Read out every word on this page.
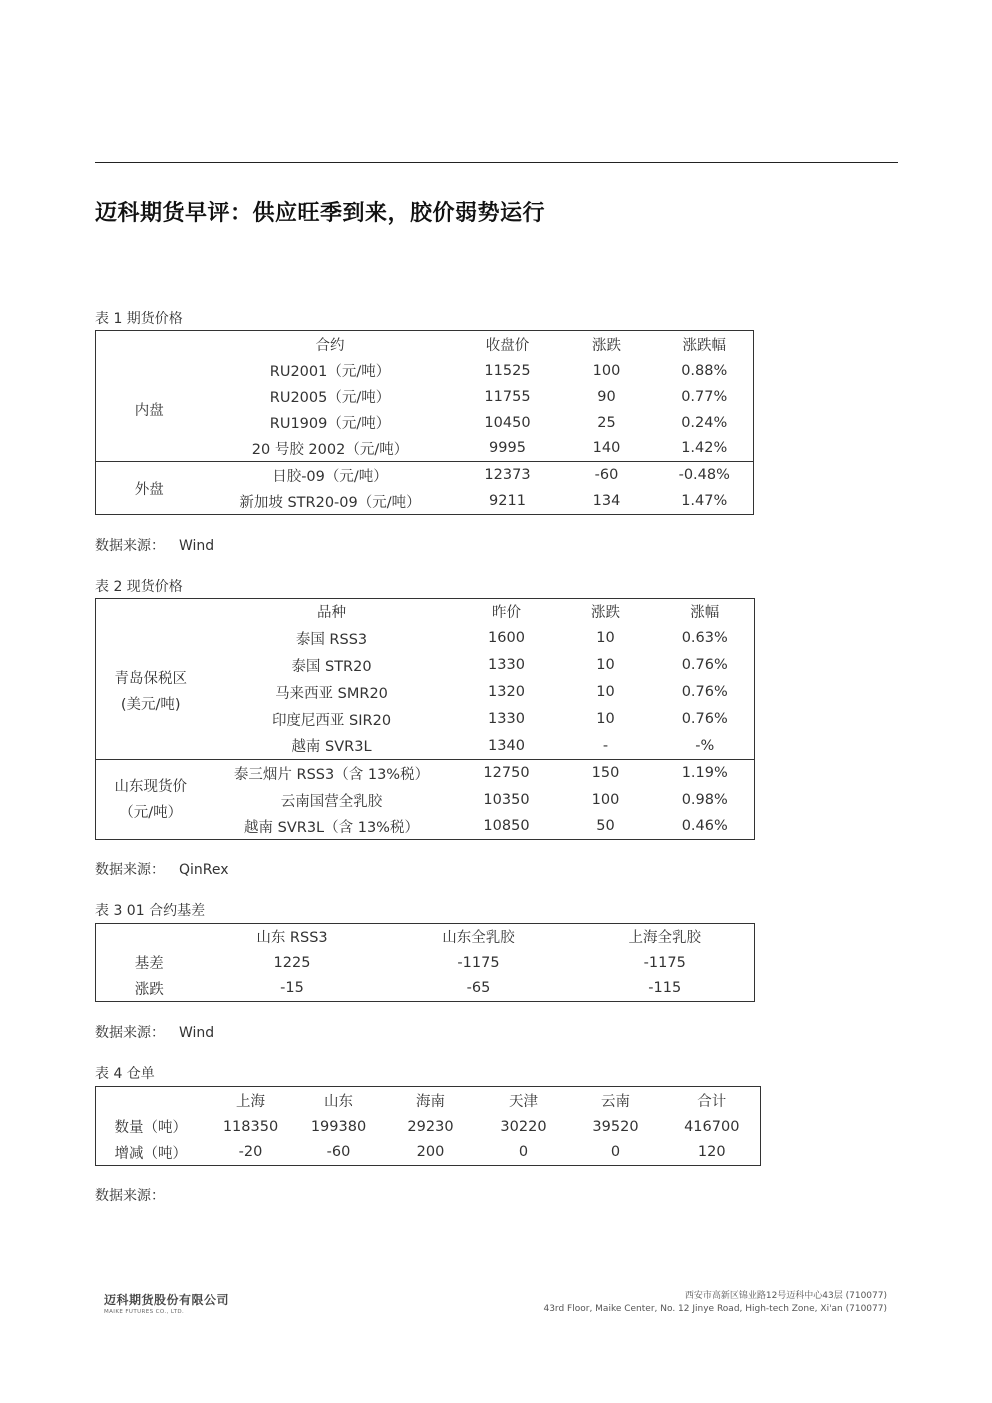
迈科期货早评：供应旺季到来，胶价弱势运行
表 1 期货价格
	合约	收盘价	涨跌	涨跌幅
内盘	RU2001（元/吨）	11525	100	0.88%
	RU2005（元/吨）	11755	90	0.77%
	RU1909（元/吨）	10450	25	0.24%
	20 号胶 2002（元/吨）	9995	140	1.42%
外盘	日胶-09（元/吨）	12373	-60	-0.48%
	新加坡 STR20-09（元/吨）	9211	134	1.47%
数据来源： Wind
表 2 现货价格
	品种	昨价	涨跌	涨幅

青岛保税区
(美元/吨)	泰国 RSS3	1600	10	0.63%
	泰国 STR20	1330	10	0.76%
	马来西亚 SMR20	1320	10	0.76%
	印度尼西亚 SIR20	1330	10	0.76%
	越南 SVR3L	1340	-	-%

山东现货价
（元/吨）	泰三烟片 RSS3（含 13%税）	12750	150	1.19%
	云南国营全乳胶	10350	100	0.98%
	越南 SVR3L（含 13%税）	10850	50	0.46%
数据来源： QinRex
表 3 01 合约基差
	山东 RSS3	山东全乳胶	上海全乳胶
基差	1225	-1175	-1175
涨跌	-15	-65	-115
数据来源： Wind
表 4 仓单
	上海	山东	海南	天津	云南	合计
数量（吨）	118350	199380	29230	30220	39520	416700
增减（吨）	-20	-60	200	0	0	120
数据来源：
迈科期货股份有限公司
MAIKE FUTURES CO., LTD.
西安市高新区锦业路12号迈科中心43层 (710077)
43rd Floor, Maike Center, No. 12 Jinye Road, High-tech Zone, Xi'an (710077)
